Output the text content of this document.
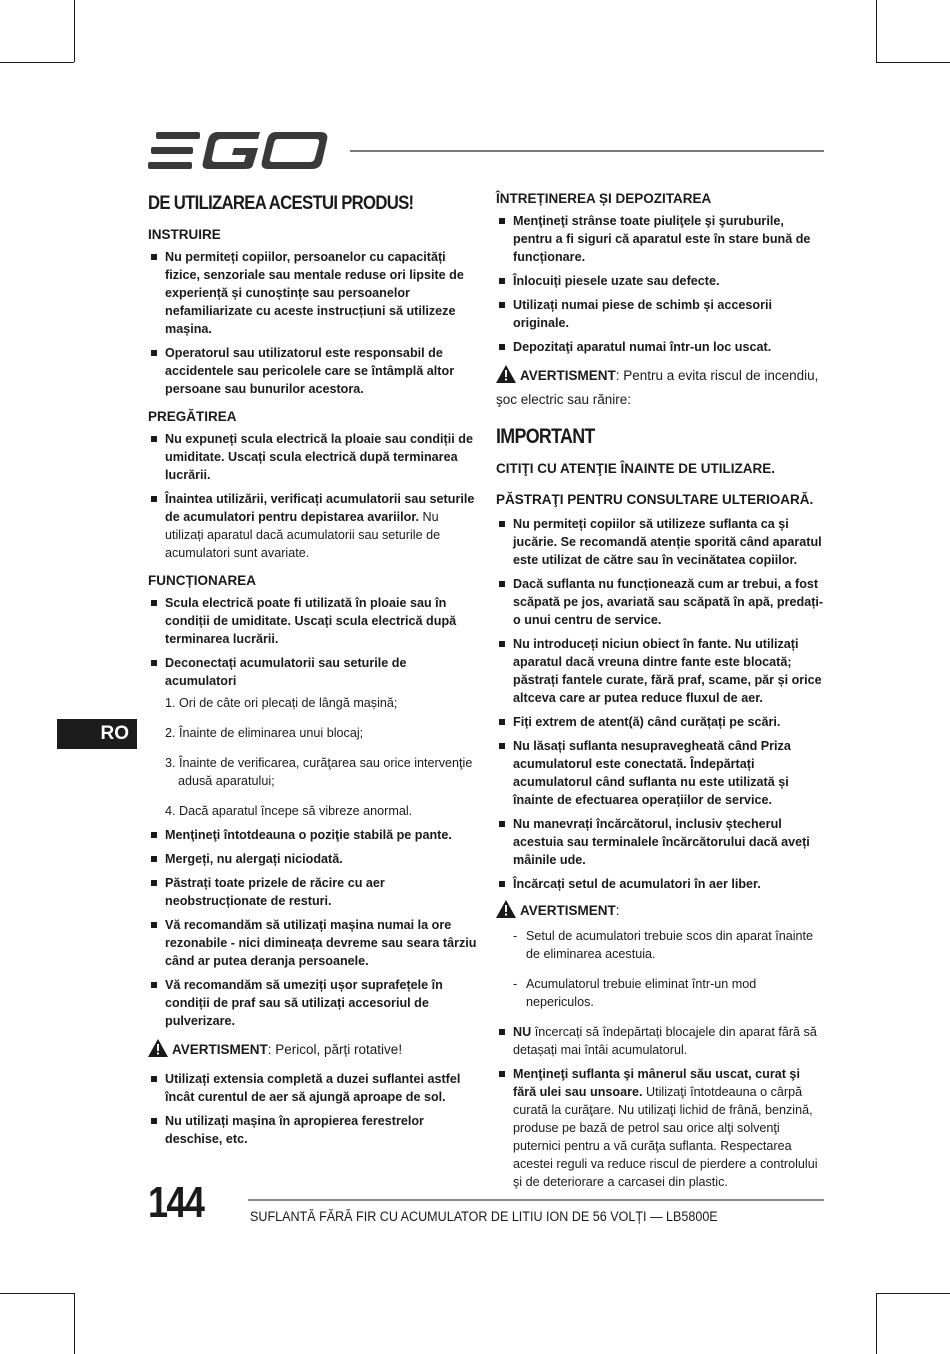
DE UTILIZAREA ACESTUI PRODUS!
INSTRUIRE
Nu permiteți copiilor, persoanelor cu capacități fizice, senzoriale sau mentale reduse ori lipsite de experiență și cunoștințe sau persoanelor nefamiliarizate cu aceste instrucțiuni să utilizeze mașina.
Operatorul sau utilizatorul este responsabil de accidentele sau pericolele care se întâmplă altor persoane sau bunurilor acestora.
PREGĂTIREA
Nu expuneți scula electrică la ploaie sau condiții de umiditate. Uscați scula electrică după terminarea lucrării.
Înaintea utilizării, verificați acumulatorii sau seturile de acumulatori pentru depistarea avariilor. Nu utilizați aparatul dacă acumulatorii sau seturile de acumulatori sunt avariate.
FUNCȚIONAREA
Scula electrică poate fi utilizată în ploaie sau în condiții de umiditate. Uscați scula electrică după terminarea lucrării.
Deconectați acumulatorii sau seturile de acumulatori
1. Ori de câte ori plecați de lângă mașină;
2. Înainte de eliminarea unui blocaj;
3. Înainte de verificarea, curăţarea sau orice intervenţie adusă aparatului;
4. Dacă aparatul începe să vibreze anormal.
Menţineţi întotdeauna o poziţie stabilă pe pante.
Mergeți, nu alergați niciodată.
Păstrați toate prizele de răcire cu aer neobstrucționate de resturi.
Vă recomandăm să utilizați mașina numai la ore rezonabile - nici dimineața devreme sau seara târziu când ar putea deranja persoanele.
Vă recomandăm să umeziți ușor suprafețele în condiții de praf sau să utilizați accesoriul de pulverizare.
AVERTISMENT: Pericol, părți rotative!
Utilizați extensia completă a duzei suflantei astfel încât curentul de aer să ajungă aproape de sol.
Nu utilizați mașina în apropierea ferestrelor deschise, etc.
ÎNTREȚINEREA ȘI DEPOZITAREA
Menţineţi strânse toate piuliţele şi şuruburile, pentru a fi siguri că aparatul este în stare bună de funcționare.
Înlocuiți piesele uzate sau defecte.
Utilizați numai piese de schimb și accesorii originale.
Depozitaţi aparatul numai într-un loc uscat.
AVERTISMENT: Pentru a evita riscul de incendiu, şoc electric sau rănire:
IMPORTANT
CITIŢI CU ATENŢIE ÎNAINTE DE UTILIZARE.
PĂSTRAŢI PENTRU CONSULTARE ULTERIOARĂ.
Nu permiteți copiilor să utilizeze suflanta ca și jucărie. Se recomandă atenție sporită când aparatul este utilizat de către sau în vecinătatea copiilor.
Dacă suflanta nu funcționează cum ar trebui, a fost scăpată pe jos, avariată sau scăpată în apă, predați-o unui centru de service.
Nu introduceți niciun obiect în fante. Nu utilizați aparatul dacă vreuna dintre fante este blocată; păstrați fantele curate, fără praf, scame, păr și orice altceva care ar putea reduce fluxul de aer.
Fiți extrem de atent(ă) când curățați pe scări.
Nu lăsați suflanta nesupravegheată când Priza acumulatorul este conectată. Îndepărtați acumulatorul când suflanta nu este utilizată și înainte de efectuarea operațiilor de service.
Nu manevrați încărcătorul, inclusiv ștecherul acestuia sau terminalele încărcătorului dacă aveți mâinile ude.
Încărcați setul de acumulatori în aer liber.
AVERTISMENT:
- Setul de acumulatori trebuie scos din aparat înainte de eliminarea acestuia.
- Acumulatorul trebuie eliminat într-un mod nepericulos.
NU încercați să îndepărtați blocajele din aparat fără să detașați mai întâi acumulatorul.
Menţineţi suflanta şi mânerul său uscat, curat şi fără ulei sau unsoare. Utilizaţi întotdeauna o cârpă curată la curăţare. Nu utilizaţi lichid de frână, benzină, produse pe bază de petrol sau orice alţi solvenţi puternici pentru a vă curăţa suflanta. Respectarea acestei reguli va reduce riscul de pierdere a controlului şi de deteriorare a carcasei din plastic.
RO
144	SUFLANTĂ FĂRĂ FIR CU ACUMULATOR DE LITIU ION DE 56 VOLȚI — LB5800E
